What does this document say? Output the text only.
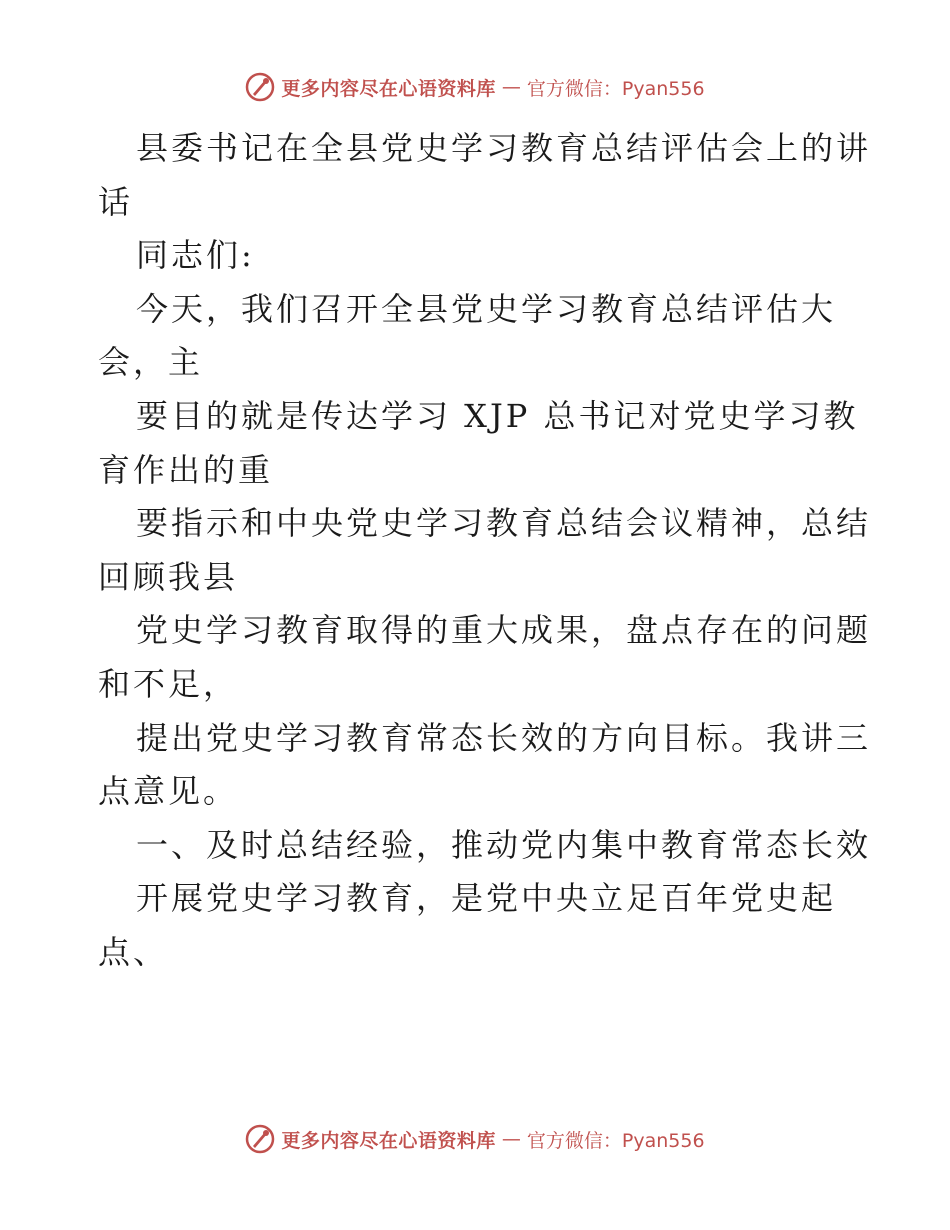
更多内容尽在心语资料库 — 官方微信：Pyan556
县委书记在全县党史学习教育总结评估会上的讲
话
同志们:
今天，我们召开全县党史学习教育总结评估大
会，主
要目的就是传达学习 XJP 总书记对党史学习教
育作出的重
要指示和中央党史学习教育总结会议精神，总结
回顾我县
党史学习教育取得的重大成果，盘点存在的问题
和不足，
提出党史学习教育常态长效的方向目标。我讲三
点意见。
一、及时总结经验，推动党内集中教育常态长效
开展党史学习教育，是党中央立足百年党史起
点、
更多内容尽在心语资料库 — 官方微信：Pyan556
